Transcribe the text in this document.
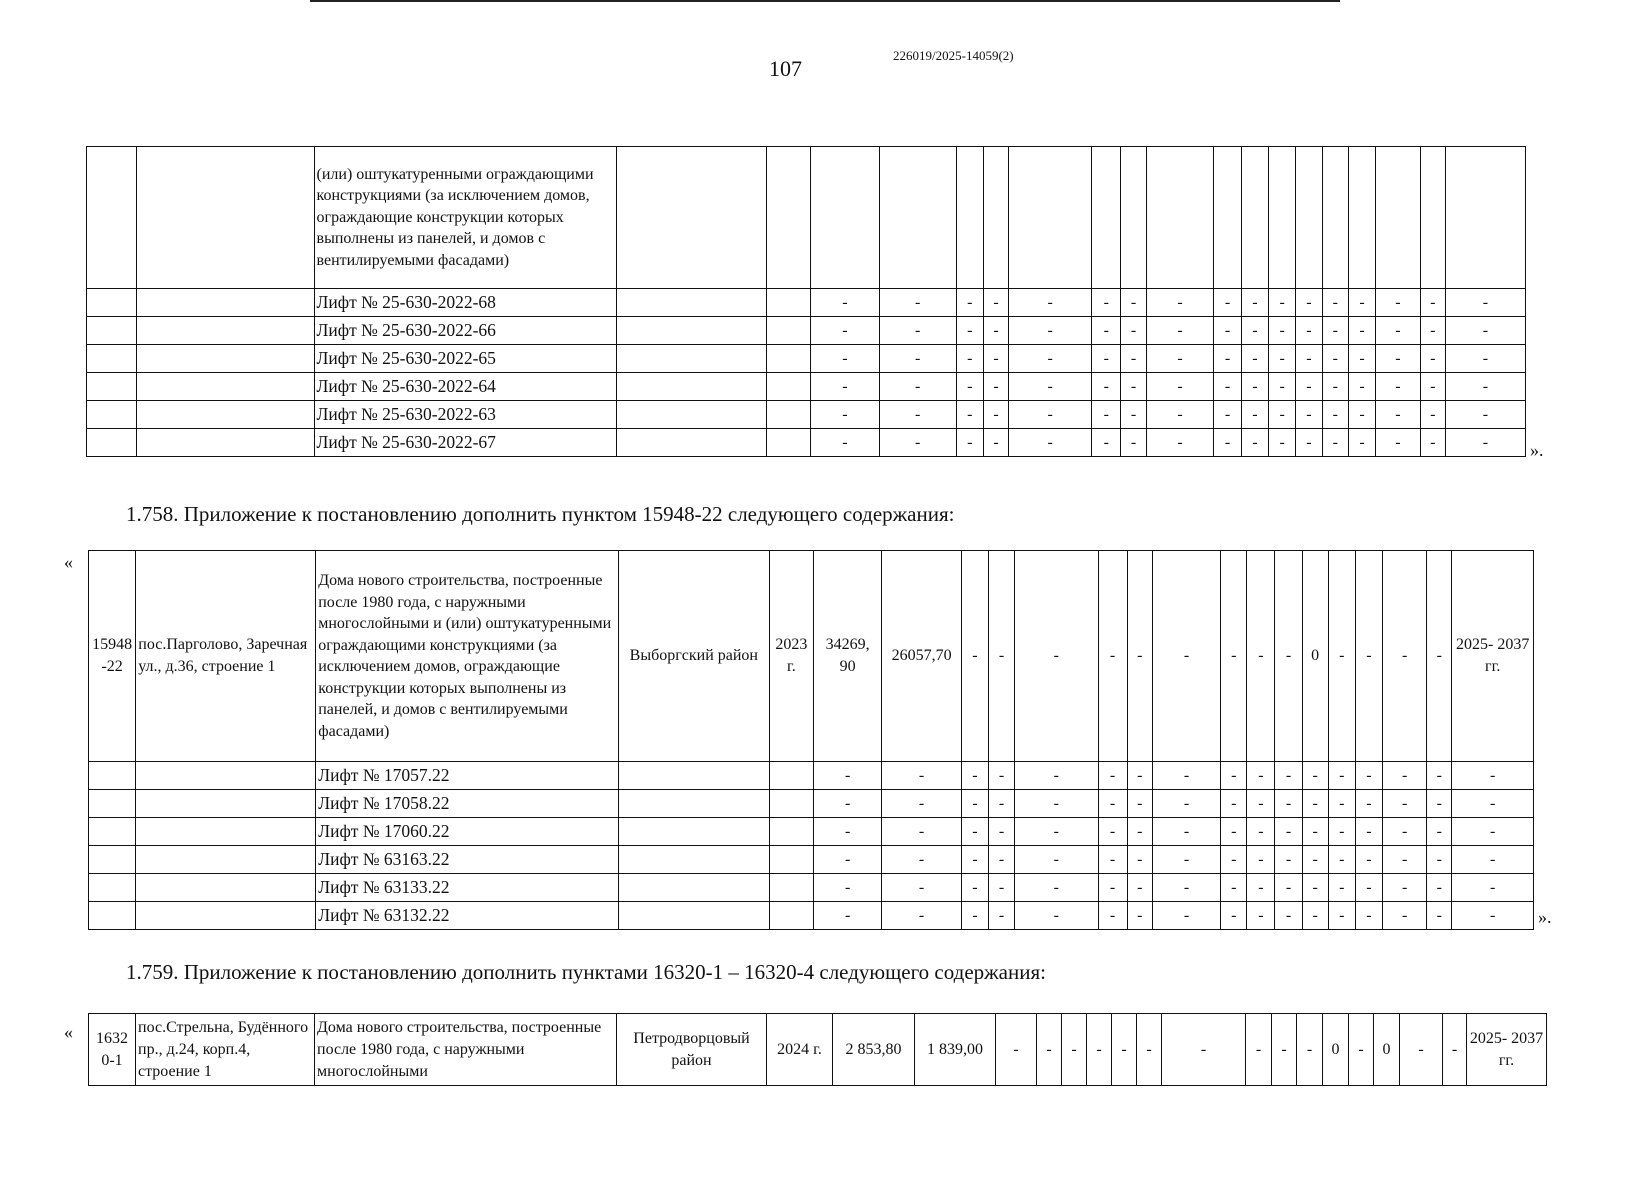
107
226019/2025-14059(2)
		(или) оштукатуренными ограждающими конструкциями (за исключением домов, ограждающие конструкции которых выполнены из панелей, и домов с вентилируемыми фасадами)																			
		Лифт № 25-630-2022-68			-	-	-	-	-	-	-	-	-	-	-	-	-	-	-	-	-
		Лифт № 25-630-2022-66			-	-	-	-	-	-	-	-	-	-	-	-	-	-	-	-	-
		Лифт № 25-630-2022-65			-	-	-	-	-	-	-	-	-	-	-	-	-	-	-	-	-
		Лифт № 25-630-2022-64			-	-	-	-	-	-	-	-	-	-	-	-	-	-	-	-	-
		Лифт № 25-630-2022-63			-	-	-	-	-	-	-	-	-	-	-	-	-	-	-	-	-
		Лифт № 25-630-2022-67			-	-	-	-	-	-	-	-	-	-	-	-	-	-	-	-	- ».
1.758. Приложение к постановлению дополнить пунктом 15948-22 следующего содержания:
«
15948 -22	пос.Парголово, Заречная ул., д.36, строение 1	Дома нового строительства, построенные после 1980 года, с наружными многослойными и (или) оштукатуренными ограждающими конструкциями (за исключением домов, ограждающие конструкции которых выполнены из панелей, и домов с вентилируемыми фасадами)	Выборгский район	2023 г.	34269, 90	26057,70	-	-	-	-	-	-	-	-	-	0	-	-	-	-	2025- 2037 гг.
		Лифт № 17057.22			-	-	-	-	-	-	-	-	-	-	-	-	-	-	-	-	-
		Лифт № 17058.22			-	-	-	-	-	-	-	-	-	-	-	-	-	-	-	-	-
		Лифт № 17060.22			-	-	-	-	-	-	-	-	-	-	-	-	-	-	-	-	-
		Лифт № 63163.22			-	-	-	-	-	-	-	-	-	-	-	-	-	-	-	-	-
		Лифт № 63133.22			-	-	-	-	-	-	-	-	-	-	-	-	-	-	-	-	-
		Лифт № 63132.22			-	-	-	-	-	-	-	-	-	-	-	-	-	-	-	-	- ».
1.759. Приложение к постановлению дополнить пунктами 16320-1 – 16320-4 следующего содержания:
« 1632 0-1	пос.Стрельна, Будённого пр., д.24, корп.4, строение 1	Дома нового строительства, построенные после 1980 года, с наружными многослойными	Петродворцовый район	2024 г.	2 853,80	1 839,00	-	-	-	-	-	-	-	-	-	-	0	-	0	-	-	2025- 2037 гг.
